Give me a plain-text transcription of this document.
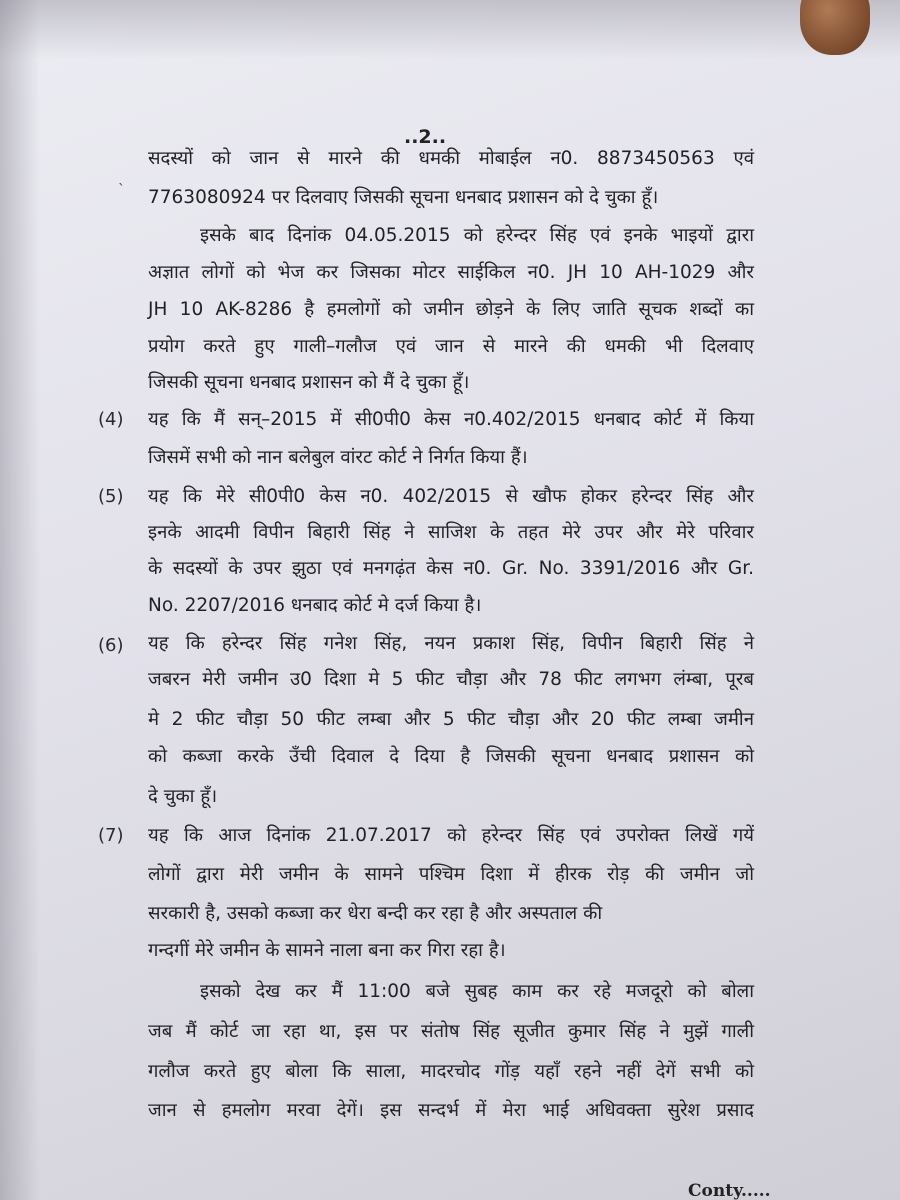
..2..
ˎ
सदस्यों को जान से मारने की धमकी मोबाईल न0. 8873450563 एवं
7763080924 पर दिलवाए जिसकी सूचना धनबाद प्रशासन को दे चुका हूँ।
इसके बाद दिनांक 04.05.2015 को हरेन्दर सिंह एवं इनके भाइयों द्वारा
अज्ञात लोगों को भेज कर जिसका मोटर साईकिल न0. JH 10 AH-1029 और
JH 10 AK-8286 है हमलोगों को जमीन छोड़ने के लिए जाति सूचक शब्दों का
प्रयोग करते हुए गाली–गलौज एवं जान से मारने की धमकी भी दिलवाए
जिसकी सूचना धनबाद प्रशासन को मैं दे चुका हूँ।
(4) यह कि मैं सन्–2015 में सी0पी0 केस न0.402/2015 धनबाद कोर्ट में किया
जिसमें सभी को नान बलेबुल वांरट कोर्ट ने निर्गत किया हैं।
(5) यह कि मेरे सी0पी0 केस न0. 402/2015 से खौफ होकर हरेन्दर सिंह और
इनके आदमी विपीन बिहारी सिंह ने साजिश के तहत मेरे उपर और मेरे परिवार
के सदस्यों के उपर झुठा एवं मनगढ़ंत केस न0. Gr. No. 3391/2016 और Gr.
No. 2207/2016 धनबाद कोर्ट मे दर्ज किया है।
(6) यह कि हरेन्दर सिंह गनेश सिंह, नयन प्रकाश सिंह, विपीन बिहारी सिंह ने
जबरन मेरी जमीन उ0 दिशा मे 5 फीट चौड़ा और 78 फीट लगभग लंम्बा, पूरब
मे 2 फीट चौड़ा 50 फीट लम्बा और 5 फीट चौड़ा और 20 फीट लम्बा जमीन
को कब्जा करके उँची दिवाल दे दिया है जिसकी सूचना धनबाद प्रशासन को
दे चुका हूँ।
(7) यह कि आज दिनांक 21.07.2017 को हरेन्दर सिंह एवं उपरोक्त लिखें गयें
लोगों द्वारा मेरी जमीन के सामने पश्चिम दिशा में हीरक रोड़ की जमीन जो
सरकारी है, उसको कब्जा कर धेरा बन्दी कर रहा है और अस्पताल की
गन्दगीं मेरे जमीन के सामने नाला बना कर गिरा रहा है।
इसको देख कर मैं 11:00 बजे सुबह काम कर रहे मजदूरो को बोला
जब मैं कोर्ट जा रहा था, इस पर संतोष सिंह सूजीत कुमार सिंह ने मुझें गाली
गलौज करते हुए बोला कि साला, मादरचोद गोंड़ यहाँ रहने नहीं देगें सभी को
जान से हमलोग मरवा देगें। इस सन्दर्भ में मेरा भाई अधिवक्ता सुरेश प्रसाद
Conty.....
